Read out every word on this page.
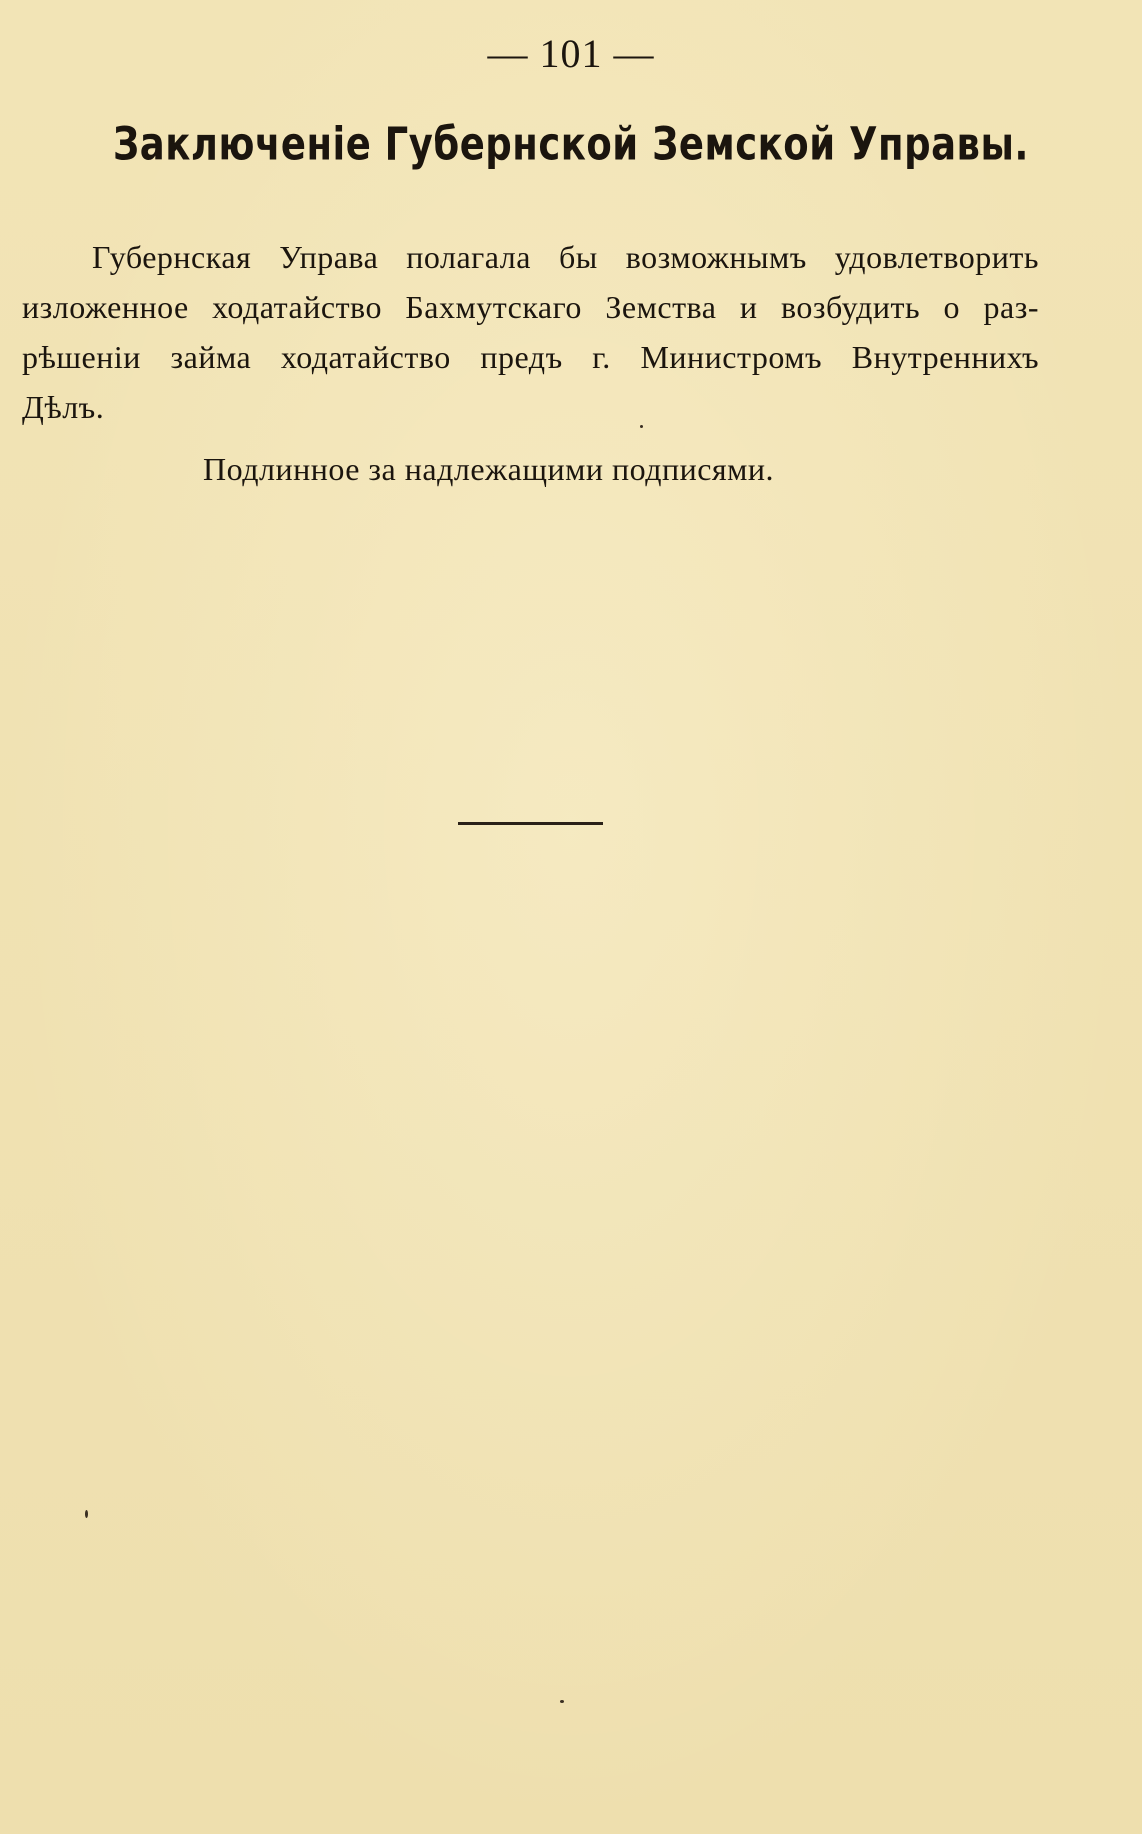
— 101 —
Заключенiе Губернской Земской Управы.
Губернская Управа полагала бы возможнымъ удовлетворить
изложенное ходатайство Бахмутскаго Земства и возбудить о раз-
рѣшенiи займа ходатайство предъ г. Министромъ Внутреннихъ
Дѣлъ.
Подлинное за надлежащими подписями.
